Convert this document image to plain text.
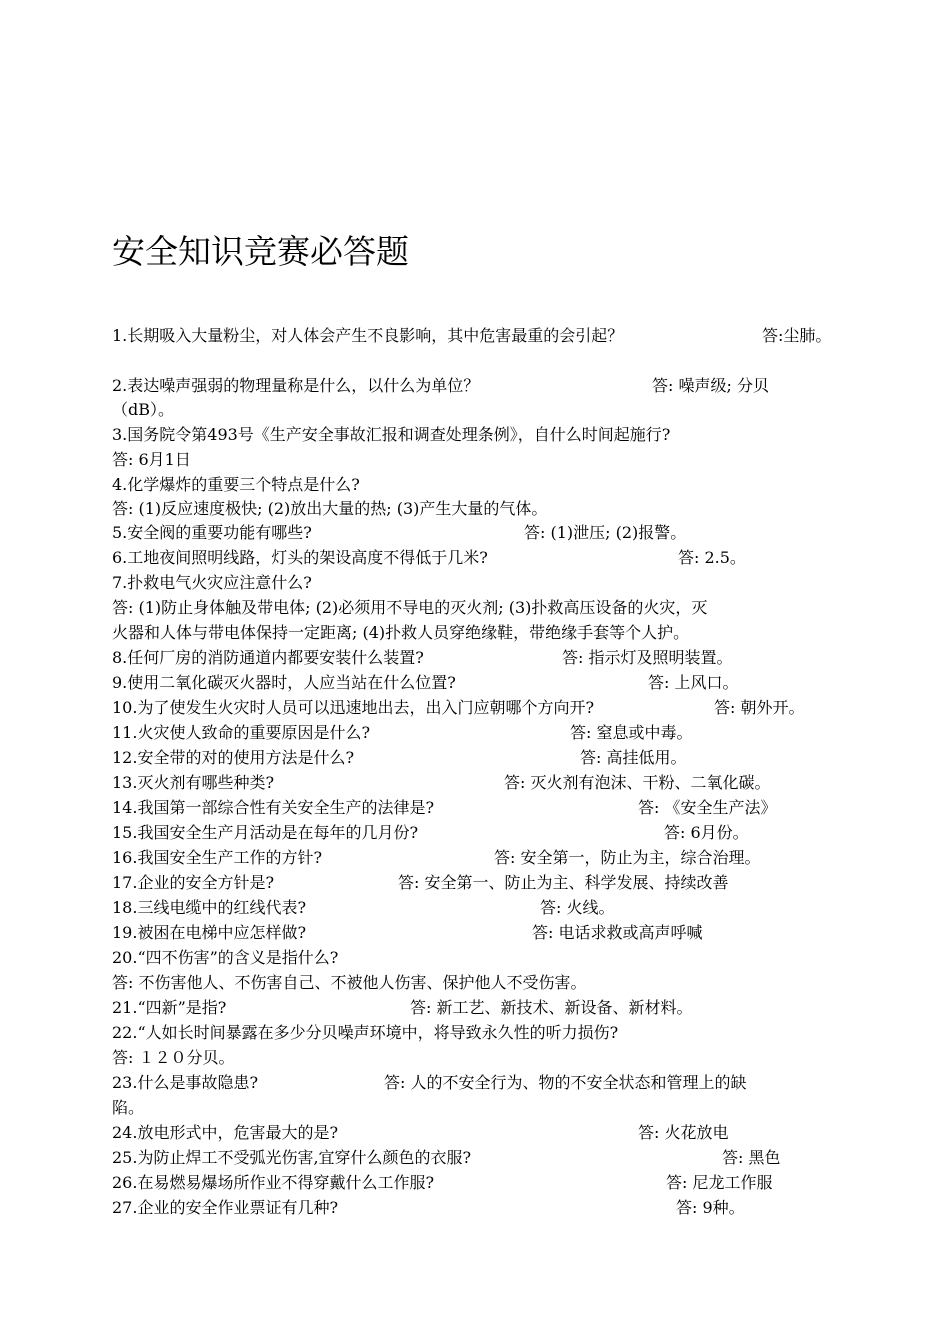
安全知识竞赛必答题
1.长期吸入大量粉尘，对人体会产生不良影响，其中危害最重的会引起？	答:尘肺。
2.表达噪声强弱的物理量称是什么，以什么为单位？	答: 噪声级; 分贝
（dB）。
3.国务院令第493号《生产安全事故汇报和调查处理条例》，自什么时间起施行?
答: 6月1日
4.化学爆炸的重要三个特点是什么?
答: (1)反应速度极快; (2)放出大量的热; (3)产生大量的气体。
5.安全阀的重要功能有哪些?	答: (1)泄压; (2)报警。
6.工地夜间照明线路，灯头的架设高度不得低于几米?	答: 2.5。
7.扑救电气火灾应注意什么?
答: (1)防止身体触及带电体; (2)必须用不导电的灭火剂; (3)扑救高压设备的火灾，灭
火器和人体与带电体保持一定距离; (4)扑救人员穿绝缘鞋，带绝缘手套等个人护。
8.任何厂房的消防通道内都要安装什么装置?	答: 指示灯及照明装置。
9.使用二氧化碳灭火器时，人应当站在什么位置?	答: 上风口。
10.为了使发生火灾时人员可以迅速地出去，出入门应朝哪个方向开?	答: 朝外开。
11.火灾使人致命的重要原因是什么?	答: 窒息或中毒。
12.安全带的对的使用方法是什么?	答: 高挂低用。
13.灭火剂有哪些种类?	答: 灭火剂有泡沫、干粉、二氧化碳。
14.我国第一部综合性有关安全生产的法律是?	答: 《安全生产法》
15.我国安全生产月活动是在每年的几月份?	答: 6月份。
16.我国安全生产工作的方针?	答: 安全第一，防止为主，综合治理。
17.企业的安全方针是?	答: 安全第一、防止为主、科学发展、持续改善
18.三线电缆中的红线代表?	答: 火线。
19.被困在电梯中应怎样做?	答: 电话求救或高声呼喊
20.“四不伤害”的含义是指什么?
答: 不伤害他人、不伤害自己、不被他人伤害、保护他人不受伤害。
21.“四新”是指?	答: 新工艺、新技术、新设备、新材料。
22.“人如长时间暴露在多少分贝噪声环境中，将导致永久性的听力损伤?
答: １２０分贝。
23.什么是事故隐患?	答: 人的不安全行为、物的不安全状态和管理上的缺
陷。
24.放电形式中，危害最大的是?	答: 火花放电
25.为防止焊工不受弧光伤害,宜穿什么颜色的衣服?	答: 黑色
26.在易燃易爆场所作业不得穿戴什么工作服?	答: 尼龙工作服
27.企业的安全作业票证有几种?	答: 9种。
